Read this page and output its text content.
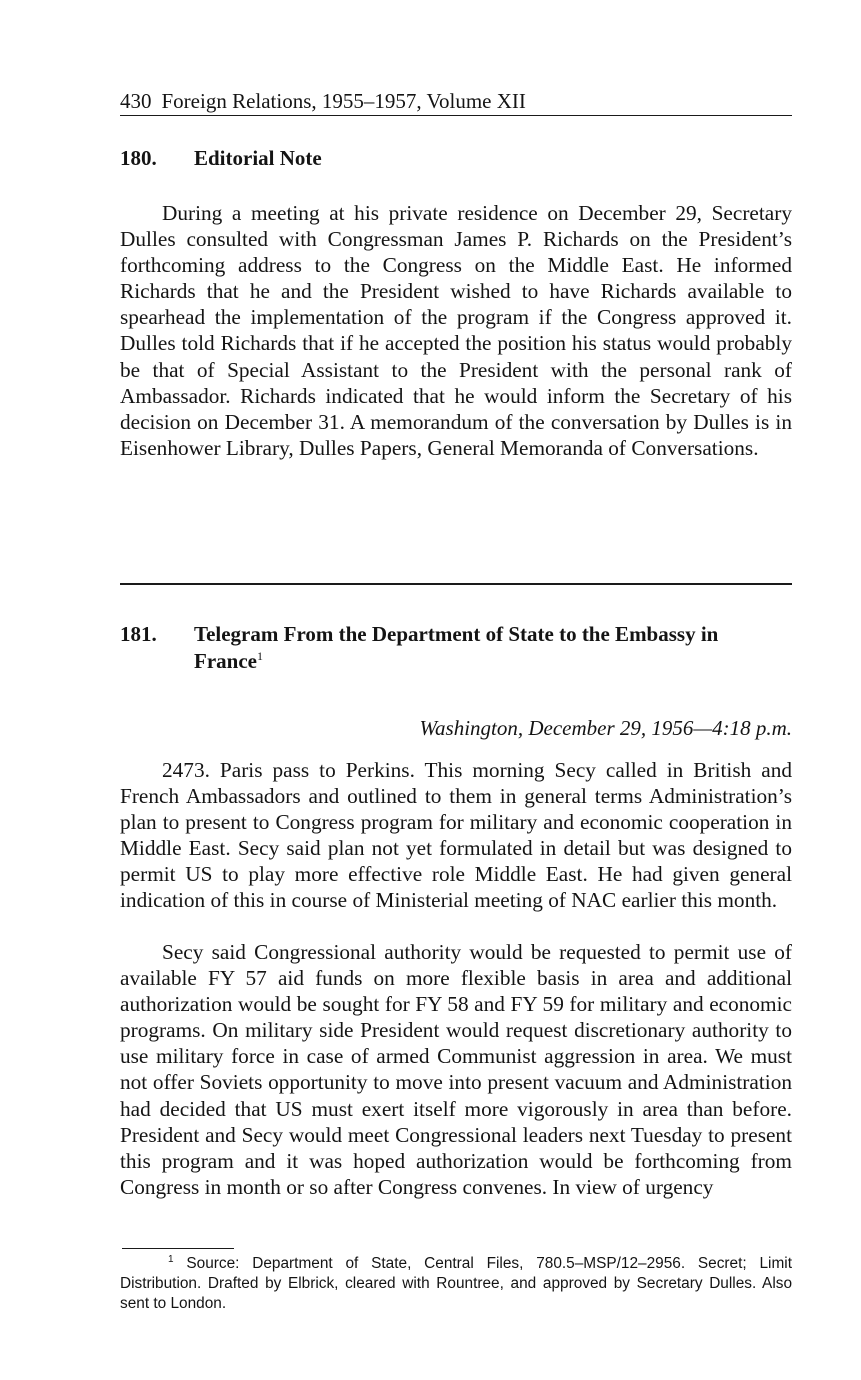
430 Foreign Relations, 1955–1957, Volume XII
180. Editorial Note

During a meeting at his private residence on December 29, Secretary Dulles consulted with Congressman James P. Richards on the President’s forthcoming address to the Congress on the Middle East. He informed Richards that he and the President wished to have Richards available to spearhead the implementation of the program if the Congress approved it. Dulles told Richards that if he accepted the position his status would probably be that of Special Assistant to the President with the personal rank of Ambassador. Richards indicated that he would inform the Secretary of his decision on December 31. A memorandum of the conversation by Dulles is in Eisenhower Library, Dulles Papers, General Memoranda of Conversations.

181. Telegram From the Department of State to the Embassy in France$^1$
Washington, December 29, 1956—4:18 p.m.

2473. Paris pass to Perkins. This morning Secy called in British and French Ambassadors and outlined to them in general terms Administration’s plan to present to Congress program for military and economic cooperation in Middle East. Secy said plan not yet formulated in detail but was designed to permit US to play more effective role Middle East. He had given general indication of this in course of Ministerial meeting of NAC earlier this month.

Secy said Congressional authority would be requested to permit use of available FY 57 aid funds on more flexible basis in area and additional authorization would be sought for FY 58 and FY 59 for military and economic programs. On military side President would request discretionary authority to use military force in case of armed Communist aggression in area. We must not offer Soviets opportunity to move into present vacuum and Administration had decided that US must exert itself more vigorously in area than before. President and Secy would meet Congressional leaders next Tuesday to present this program and it was hoped authorization would be forthcoming from Congress in month or so after Congress convenes. In view of urgency

$^1$ Source: Department of State, Central Files, 780.5–MSP/12–2956. Secret; Limit Distribution. Drafted by Elbrick, cleared with Rountree, and approved by Secretary Dulles. Also sent to London.
